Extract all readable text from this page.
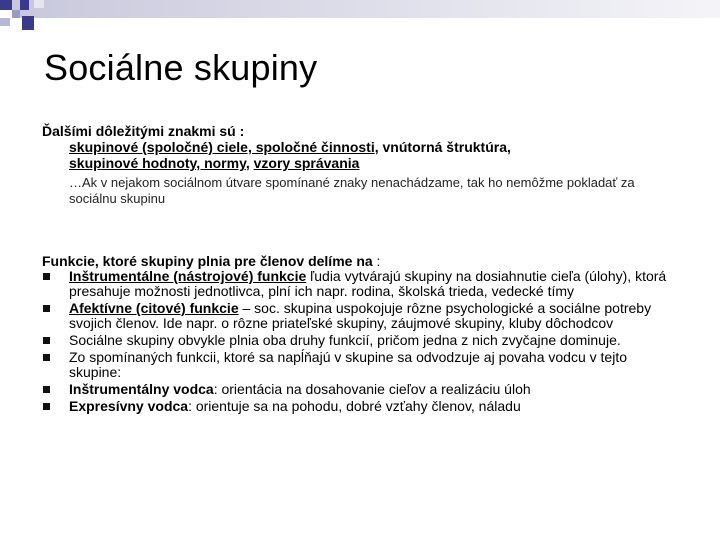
Sociálne skupiny
Ďalšími dôležitými znakmi sú :
skupinové (spoločné) ciele, spoločné činnosti, vnútorná štruktúra,
skupinové hodnoty, normy, vzory správania
…Ak v nejakom sociálnom útvare spomínané znaky nenachádzame, tak ho nemôžme pokladať za sociálnu skupinu
Funkcie, ktoré skupiny plnia pre členov delíme na :
Inštrumentálne (nástrojové) funkcie ľudia vytvárajú skupiny na dosiahnutie cieľa (úlohy), ktorá presahuje možnosti jednotlivca, plní ich napr. rodina, školská trieda, vedecké tímy
Afektívne (citové) funkcie – soc. skupina uspokojuje rôzne psychologické a sociálne potreby svojich členov. Ide napr. o rôzne priateľské skupiny, záujmové skupiny, kluby dôchodcov
Sociálne skupiny obvykle plnia oba druhy funkcií, pričom jedna z nich zvyčajne dominuje.
Zo spomínaných funkcii, ktoré sa napĺňajú v skupine sa odvodzuje aj povaha vodcu v tejto skupine:
Inštrumentálny vodca: orientácia na dosahovanie cieľov a realizáciu úloh
Expresívny vodca: orientuje sa na pohodu, dobré vzťahy členov, náladu
